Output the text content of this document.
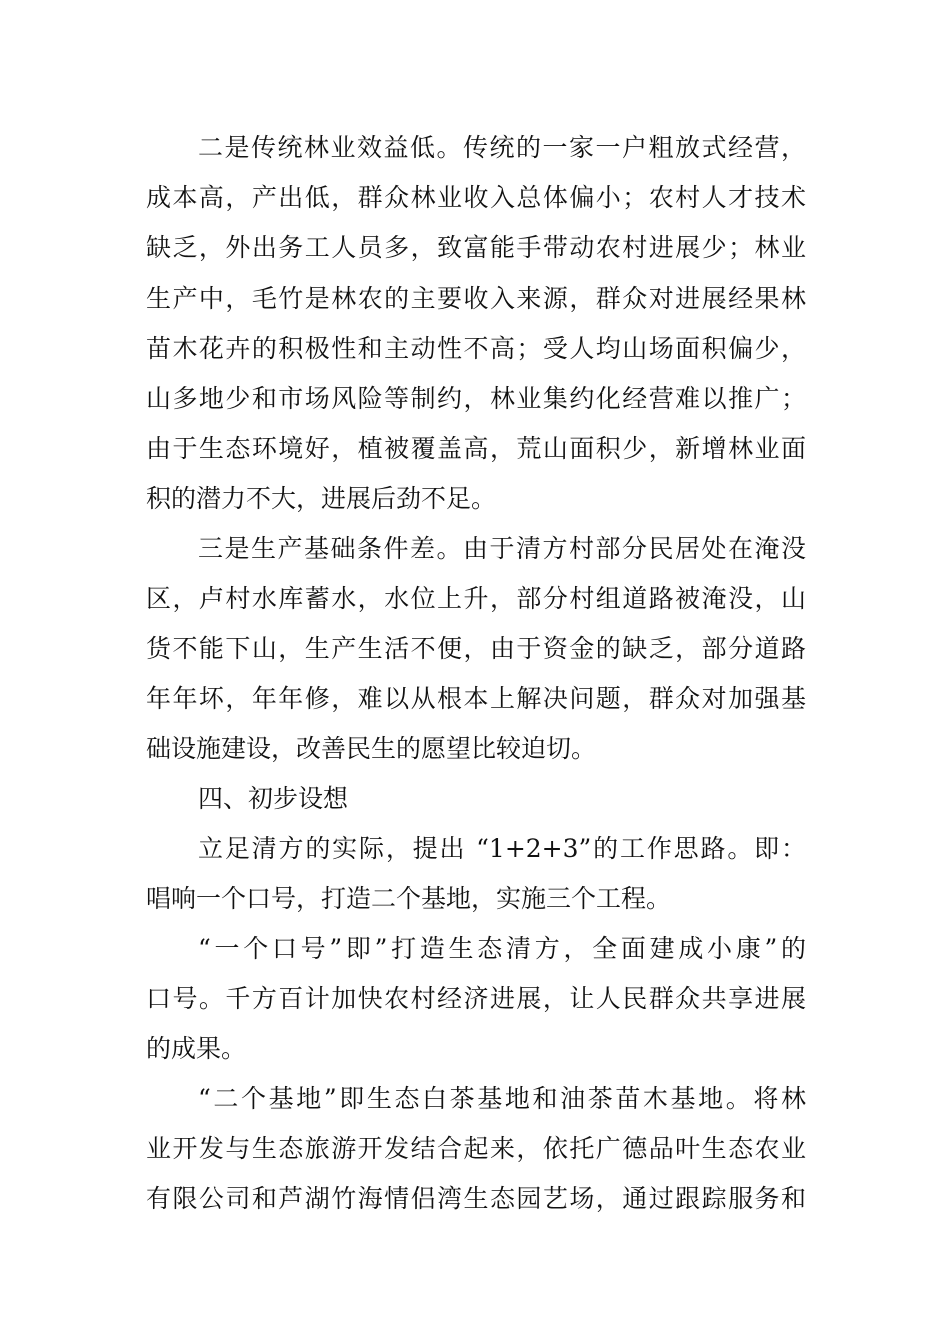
二是传统林业效益低。传统的一家一户粗放式经营，
成本高，产出低，群众林业收入总体偏小；农村人才技术
缺乏，外出务工人员多，致富能手带动农村进展少；林业
生产中，毛竹是林农的主要收入来源，群众对进展经果林
苗木花卉的积极性和主动性不高；受人均山场面积偏少，
山多地少和市场风险等制约，林业集约化经营难以推广；
由于生态环境好，植被覆盖高，荒山面积少，新增林业面
积的潜力不大，进展后劲不足。
三是生产基础条件差。由于清方村部分民居处在淹没
区，卢村水库蓄水，水位上升，部分村组道路被淹没，山
货不能下山，生产生活不便，由于资金的缺乏，部分道路
年年坏，年年修，难以从根本上解决问题，群众对加强基
础设施建设，改善民生的愿望比较迫切。
四、初步设想
立足清方的实际，提出 “1+2+3”的工作思路。即：
唱响一个口号，打造二个基地，实施三个工程。
“一个口号”即”打造生态清方，全面建成小康”的
口号。千方百计加快农村经济进展，让人民群众共享进展
的成果。
“二个基地”即生态白茶基地和油茶苗木基地。将林
业开发与生态旅游开发结合起来，依托广德品叶生态农业
有限公司和芦湖竹海情侣湾生态园艺场，通过跟踪服务和
